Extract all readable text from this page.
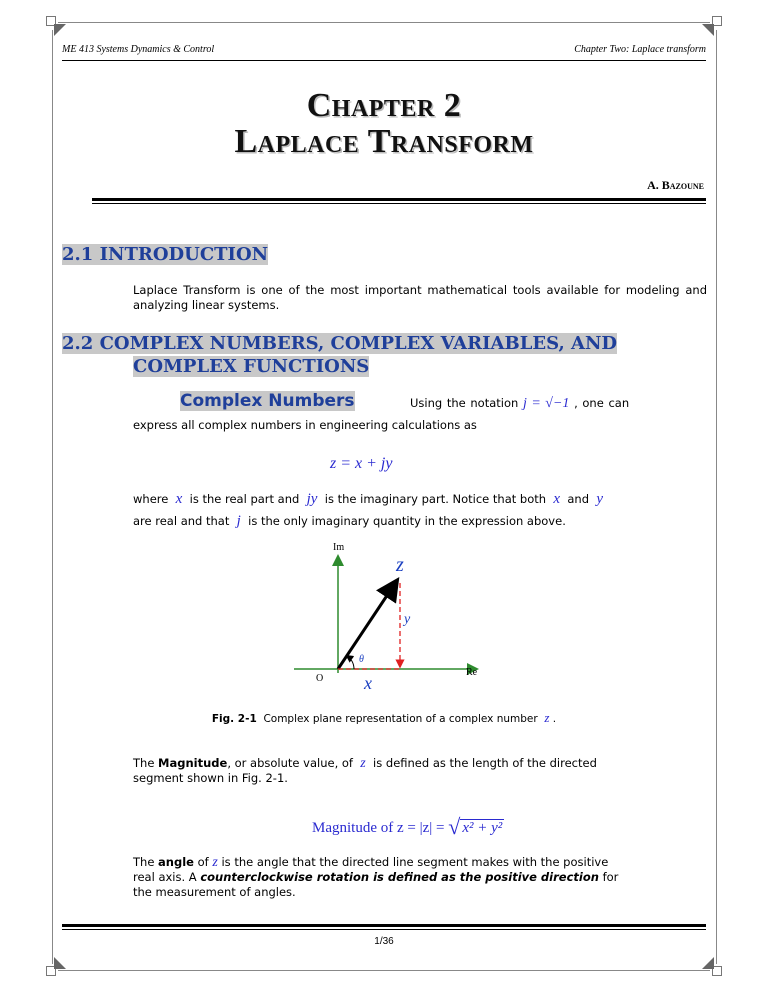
ME 413 Systems Dynamics & Control	Chapter Two: Laplace transform
Chapter 2
Laplace Transform
A. Bazoune
2.1 INTRODUCTION
Laplace Transform is one of the most important mathematical tools available for modeling and analyzing linear systems.
2.2 COMPLEX NUMBERS, COMPLEX VARIABLES, AND
COMPLEX FUNCTIONS
Complex Numbers	Using the notation j = √−1 , one can
express all complex numbers in engineering calculations as
z = x + jy
where x is the real part and jy is the imaginary part. Notice that both x and y
are real and that j is the only imaginary quantity in the expression above.
Im
Re
O
z
y
θ
x
Fig. 2-1 Complex plane representation of a complex number z .
The Magnitude, or absolute value, of z is defined as the length of the directed
segment shown in Fig. 2-1.
Magnitude of z = |z| = √ x² + y²
The angle of z is the angle that the directed line segment makes with the positive
real axis. A counterclockwise rotation is defined as the positive direction for
the measurement of angles.
1/36
